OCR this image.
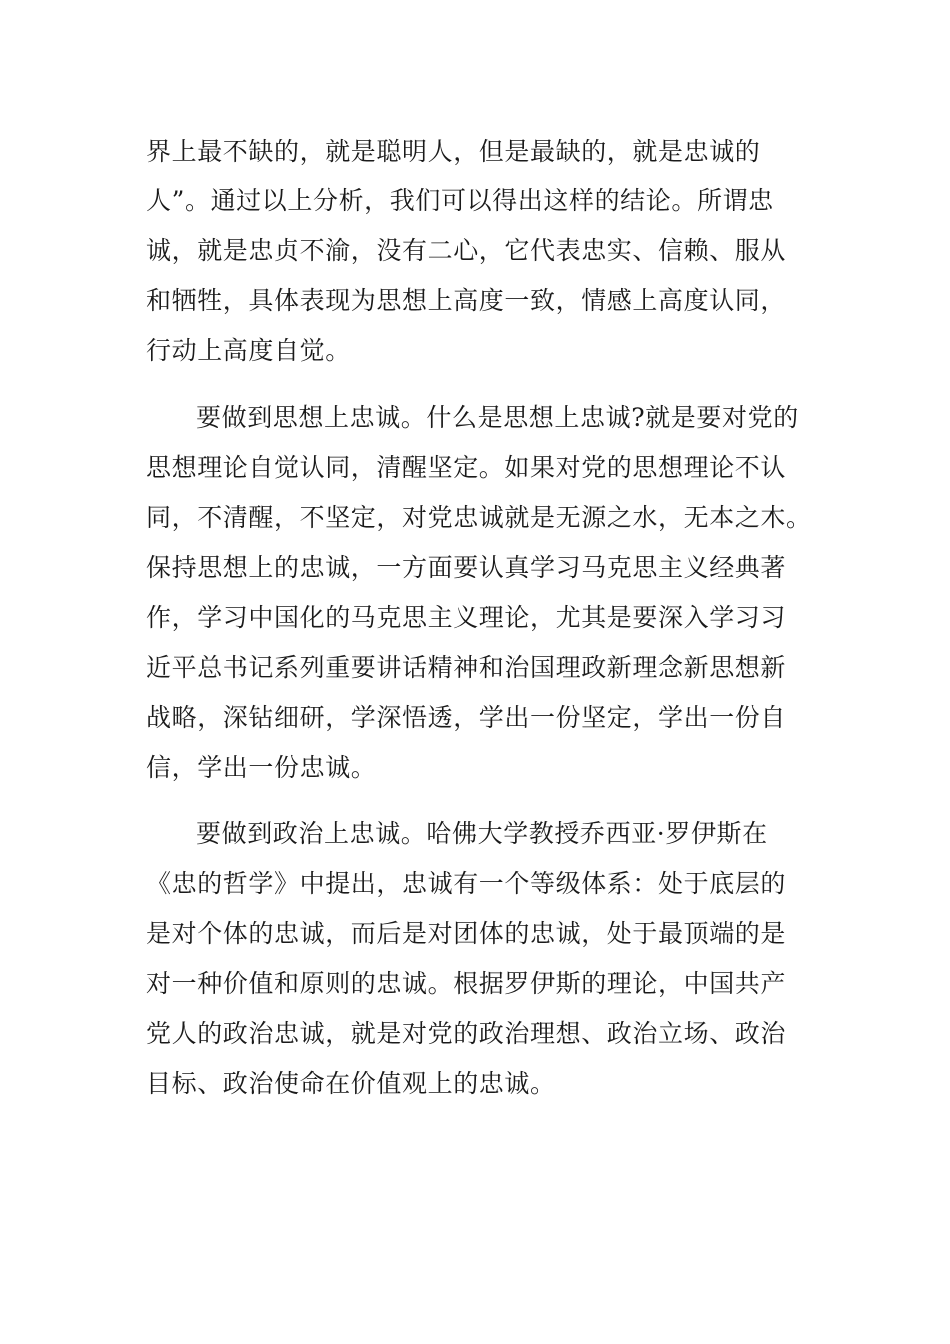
界上最不缺的，就是聪明人，但是最缺的，就是忠诚的
人”。通过以上分析，我们可以得出这样的结论。所谓忠
诚，就是忠贞不渝，没有二心，它代表忠实、信赖、服从
和牺牲，具体表现为思想上高度一致，情感上高度认同，
行动上高度自觉。
要做到思想上忠诚。什么是思想上忠诚?就是要对党的
思想理论自觉认同，清醒坚定。如果对党的思想理论不认
同，不清醒，不坚定，对党忠诚就是无源之水，无本之木。
保持思想上的忠诚，一方面要认真学习马克思主义经典著
作，学习中国化的马克思主义理论，尤其是要深入学习习
近平总书记系列重要讲话精神和治国理政新理念新思想新
战略，深钻细研，学深悟透，学出一份坚定，学出一份自
信，学出一份忠诚。
要做到政治上忠诚。哈佛大学教授乔西亚·罗伊斯在
《忠的哲学》中提出，忠诚有一个等级体系：处于底层的
是对个体的忠诚，而后是对团体的忠诚，处于最顶端的是
对一种价值和原则的忠诚。根据罗伊斯的理论，中国共产
党人的政治忠诚，就是对党的政治理想、政治立场、政治
目标、政治使命在价值观上的忠诚。
